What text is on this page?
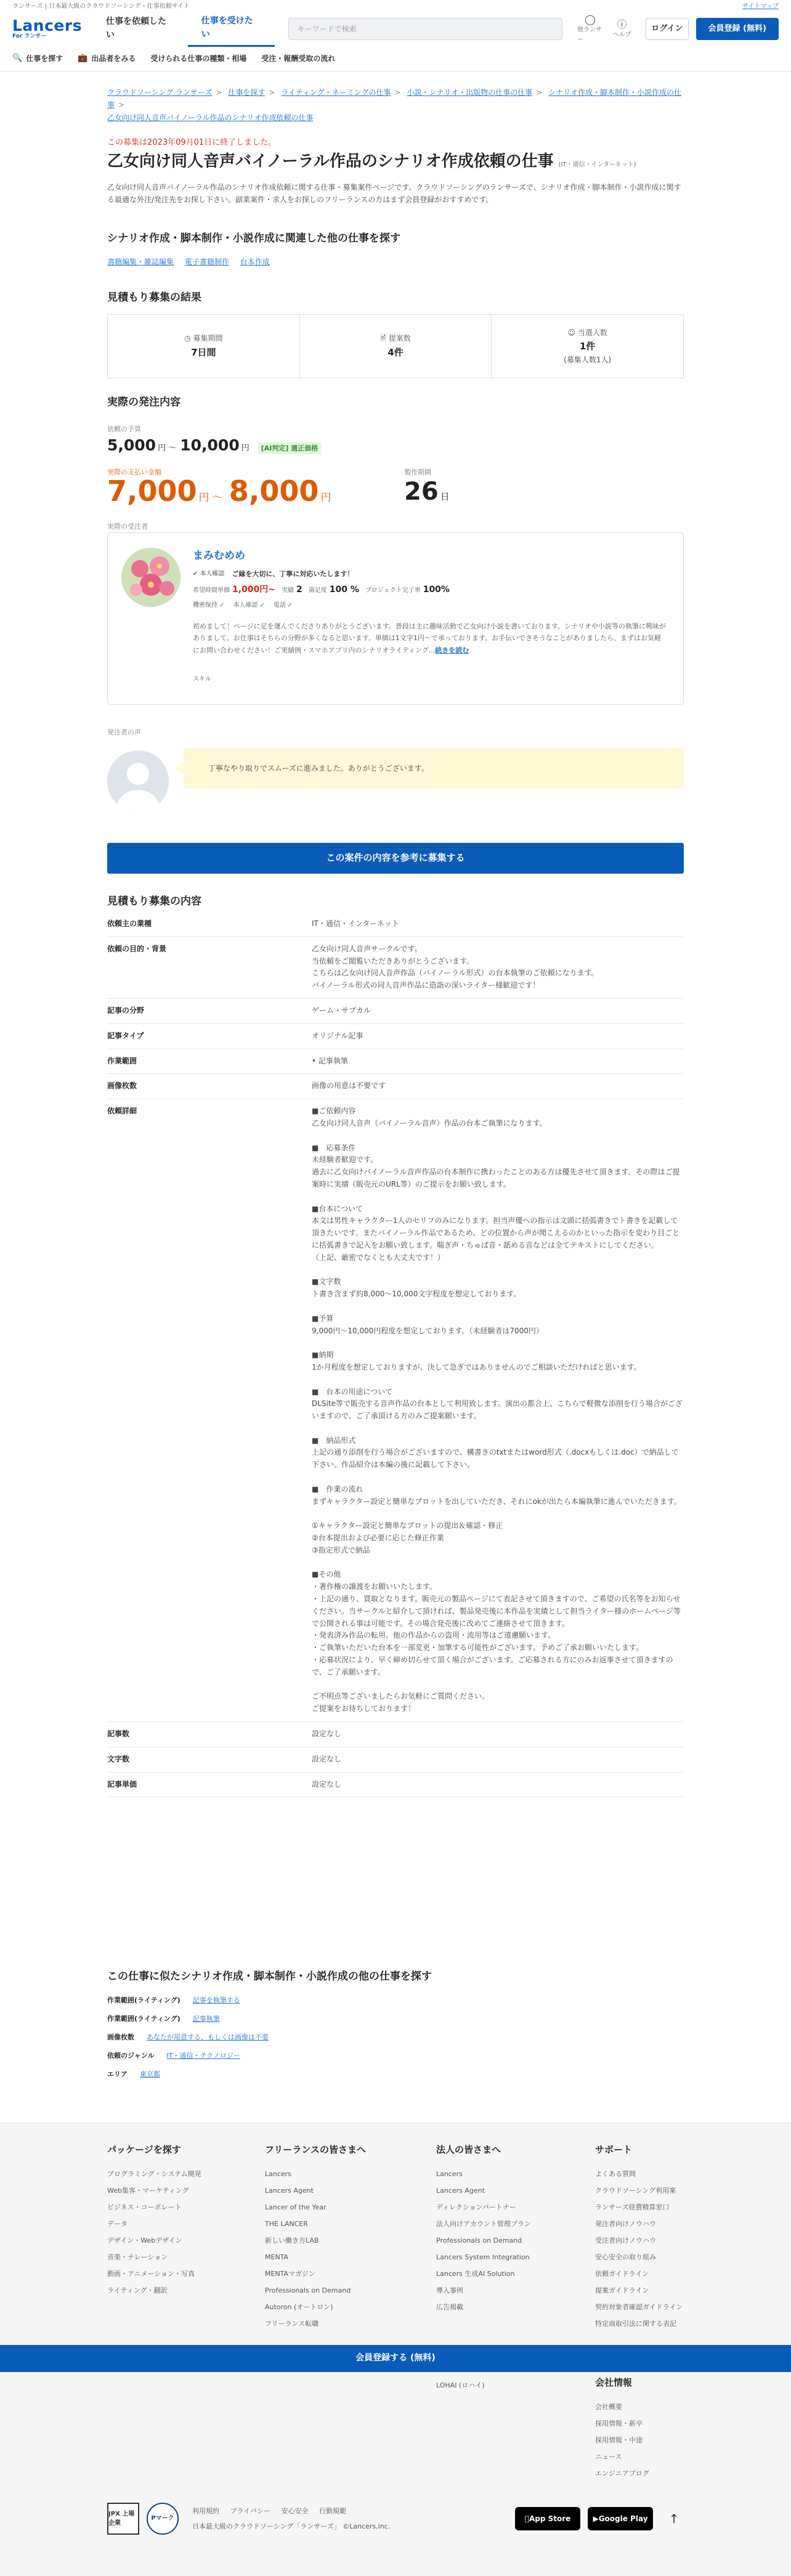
ランサーズ | 日本最大級のクラウドソーシング・仕事依頼サイト	サイトマップ
Lancers
For ランサー
仕事を依頼したい
仕事を受けたい
キーワードで検索
◯
他ランサー
ⓘ
ヘルプ
ログイン	会員登録 (無料)
🔍 仕事を探す 💼 出品者をみる 受けられる仕事の種類・相場 受注・報酬受取の流れ
クラウドソーシング ランサーズ > 仕事を探す > ライティング・ネーミングの仕事 > 小説・シナリオ・出版物の仕事の仕事 > シナリオ作成・脚本制作・小説作成の仕事 >
乙女向け同人音声バイノーラル作品のシナリオ作成依頼の仕事
この募集は2023年09月01日に終了しました。
乙女向け同人音声バイノーラル作品のシナリオ作成依頼の仕事 (IT・通信・インターネット)
乙女向け同人音声バイノーラル作品のシナリオ作成依頼に関する仕事・募集案件ページです。クラウドソーシングのランサーズで、シナリオ作成・脚本制作・小説作成に関する最適な外注/発注先をお探し下さい。副業案件・求人をお探しのフリーランスの方はまず会員登録がおすすめです。
シナリオ作成・脚本制作・小説作成に関連した他の仕事を探す
書籍編集・雑誌編集 電子書籍制作 台本作成
見積もり募集の結果
◷ 募集期間
7日間
🗎 提案数
4件
☺ 当選人数
1件
(募集人数1人)
実際の発注内容
依頼の予算
5,000 円 〜 10,000 円	[AI判定] 適正価格
実際の支払い金額
7,000 円 〜 8,000 円
製作期間
26 日
実際の受注者
まみむめめ
✔ 本人確認 ご縁を大切に、丁寧に対応いたします！
希望時間単価 1,000円~ 実績 2 満足度 100 % プロジェクト完了率 100%
機密保持 ✓ 本人確認 ✓ 電話 ✓
初めまして！ページに足を運んでくださりありがとうございます。普段は主に趣味活動で乙女向け小説を書いております。シナリオや小説等の執筆に興味がありまして、お仕事はそちらの分野が多くなると思います。単価は1文字1円〜で承っております。お手伝いできそうなことがありましたら、まずはお気軽にお問い合わせください！ご実績例・スマホアプリ内のシナリオライティング...続きを読む
スキル
発注者の声
丁寧なやり取りでスムーズに進みました。ありがとうございます。
この案件の内容を参考に募集する
見積もり募集の内容
依頼主の業種	IT・通信・インターネット
依頼の目的・背景	乙女向け同人音声サークルです。
当依頼をご閲覧いただきありがとうございます。
こちらは乙女向け同人音声作品（バイノーラル形式）の台本執筆のご依頼になります。
バイノーラル形式の同人音声作品に造詣の深いライター様歓迎です！
記事の分野	ゲーム・サブカル
記事タイプ	オリジナル記事
作業範囲	• 記事執筆
画像枚数	画像の用意は不要です
依頼詳細	■ご依頼内容
乙女向け同人音声（バイノーラル音声）作品の台本ご執筆になります。

■　応募条件
未経験者歓迎です。
過去に乙女向けバイノーラル音声作品の台本制作に携わったことのある方は優先させて頂きます。その際はご提案時に実績（販売元のURL等）のご提示をお願い致します。

■台本について
本文は男性キャラクター1人のセリフのみになります。担当声優への指示は文頭に括弧書きでト書きを記載して頂きたいです。またバイノーラル作品であるため、どの位置から声が聞こえるのかといった指示を変わり目ごとに括弧書きで記入をお願い致します。喘ぎ声・ちゅぱ音・舐める音などは全てテキストにしてください。
（上記、厳密でなくとも大丈夫です！）

■文字数
ト書き含まず約8,000〜10,000文字程度を想定しております。

■予算
9,000円〜10,000円程度を想定しております。（未経験者は7000円）

■納期
1か月程度を想定しておりますが、決して急ぎではありませんのでご相談いただければと思います。

■　台本の用途について
DLSite等で販売する音声作品の台本として利用致します。演出の都合上、こちらで軽微な添削を行う場合がございますので、ご了承頂ける方のみご提案願います。

■　納品形式
上記の通り添削を行う場合がございますので、構書きのtxtまたはword形式（.docxもしくは.doc）で納品して下さい。作品紹介は本編の後に記載して下さい。

■　作業の流れ
まずキャラクター設定と簡単なプロットを出していただき、それにokが出たら本編執筆に進んでいただきます。

①キャラクター設定と簡単なプロットの提出＆確認・修正
②台本提出および必要に応じた修正作業
③指定形式で納品

■その他
・著作権の譲渡をお願いいたします。
・上記の通り、買取となります。販売元の製品ページにて表記させて頂きますので、ご希望の氏名等をお知らせください。当サークルと紹介して頂ければ、製品発売後に本作品を実績として担当ライター様のホームページ等で公開される事は可能です。その場合発売後に改めてご連絡させて頂きます。
・発表済み作品の転用、他の作品からの盗用・流用等はご遠慮願います。
・ご執筆いただいた台本を一部変更・加筆する可能性がございます。予めご了承お願いいたします。
・応募状況により、早く締め切らせて頂く場合がございます。ご応募される方にのみお返事させて頂きますので、ご了承願います。

ご不明点等ございましたらお気軽にご質問ください。
ご提案をお待ちしております！
記事数	設定なし
文字数	設定なし
記事単価	設定なし
この仕事に似たシナリオ作成・脚本制作・小説作成の他の仕事を探す
作業範囲(ライティング) 記事を執筆する
作業範囲(ライティング) 記事執筆
画像枚数 あなたが用意する、もしくは画像は不要
依頼のジャンル IT・通信・テクノロジー
エリア 東京都
パッケージを探す
プログラミング・システム開発
Web集客・マーケティング
ビジネス・コーポレート
データ
デザイン・Webデザイン
音楽・ナレーション
動画・アニメーション・写真
ライティング・翻訳
フリーランスの皆さまへ
Lancers
Lancers Agent
Lancer of the Year
THE LANCER
新しい働き方LAB
MENTA
MENTAマガジン
Professionals on Demand
Autoron (オートロン)
フリーランス転職
法人の皆さまへ
Lancers
Lancers Agent
ディレクションパートナー
法人向けアカウント管理プラン
Professionals on Demand
Lancers System Integration
Lancers 生成AI Solution
導入事例
広告掲載
サポート
よくある質問
クラウドソーシング利用案
ランサーズ経費精算窓口
発注者向けノウハウ
受注者向けノウハウ
安心安全の取り組み
依頼ガイドライン
提案ガイドライン
契約対象者確認ガイドライン
特定商取引法に関する表記
LOHAI (ロハイ)	会社情報
会社概要
採用情報・新卒
採用情報・中途
ニュース
エンジニアブログ
会員登録する (無料)
JPX 上場企業
Pマーク
利用規約 プライバシー 安心安全 行動規範
日本最大級のクラウドソーシング「ランサーズ」 ©Lancers,inc.
App Store	▶ Google Play	↑
